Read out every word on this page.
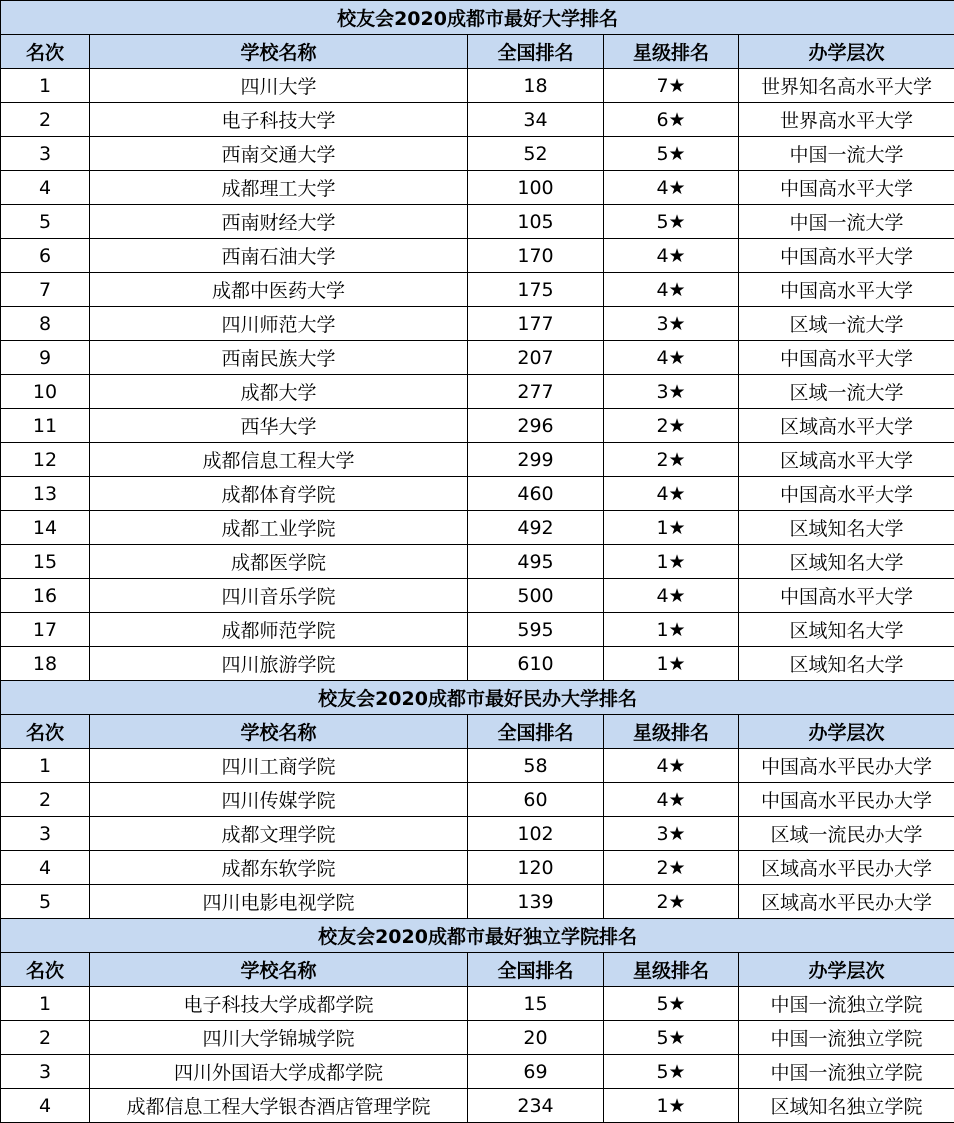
校友会2020成都市最好大学排名				
名次	学校名称	全国排名	星级排名	办学层次
1	四川大学	18	7★	世界知名高水平大学
2	电子科技大学	34	6★	世界高水平大学
3	西南交通大学	52	5★	中国一流大学
4	成都理工大学	100	4★	中国高水平大学
5	西南财经大学	105	5★	中国一流大学
6	西南石油大学	170	4★	中国高水平大学
7	成都中医药大学	175	4★	中国高水平大学
8	四川师范大学	177	3★	区域一流大学
9	西南民族大学	207	4★	中国高水平大学
10	成都大学	277	3★	区域一流大学
11	西华大学	296	2★	区域高水平大学
12	成都信息工程大学	299	2★	区域高水平大学
13	成都体育学院	460	4★	中国高水平大学
14	成都工业学院	492	1★	区域知名大学
15	成都医学院	495	1★	区域知名大学
16	四川音乐学院	500	4★	中国高水平大学
17	成都师范学院	595	1★	区域知名大学
18	四川旅游学院	610	1★	区域知名大学
校友会2020成都市最好民办大学排名				
名次	学校名称	全国排名	星级排名	办学层次
1	四川工商学院	58	4★	中国高水平民办大学
2	四川传媒学院	60	4★	中国高水平民办大学
3	成都文理学院	102	3★	区域一流民办大学
4	成都东软学院	120	2★	区域高水平民办大学
5	四川电影电视学院	139	2★	区域高水平民办大学
校友会2020成都市最好独立学院排名				
名次	学校名称	全国排名	星级排名	办学层次
1	电子科技大学成都学院	15	5★	中国一流独立学院
2	四川大学锦城学院	20	5★	中国一流独立学院
3	四川外国语大学成都学院	69	5★	中国一流独立学院
4	成都信息工程大学银杏酒店管理学院	234	1★	区域知名独立学院
